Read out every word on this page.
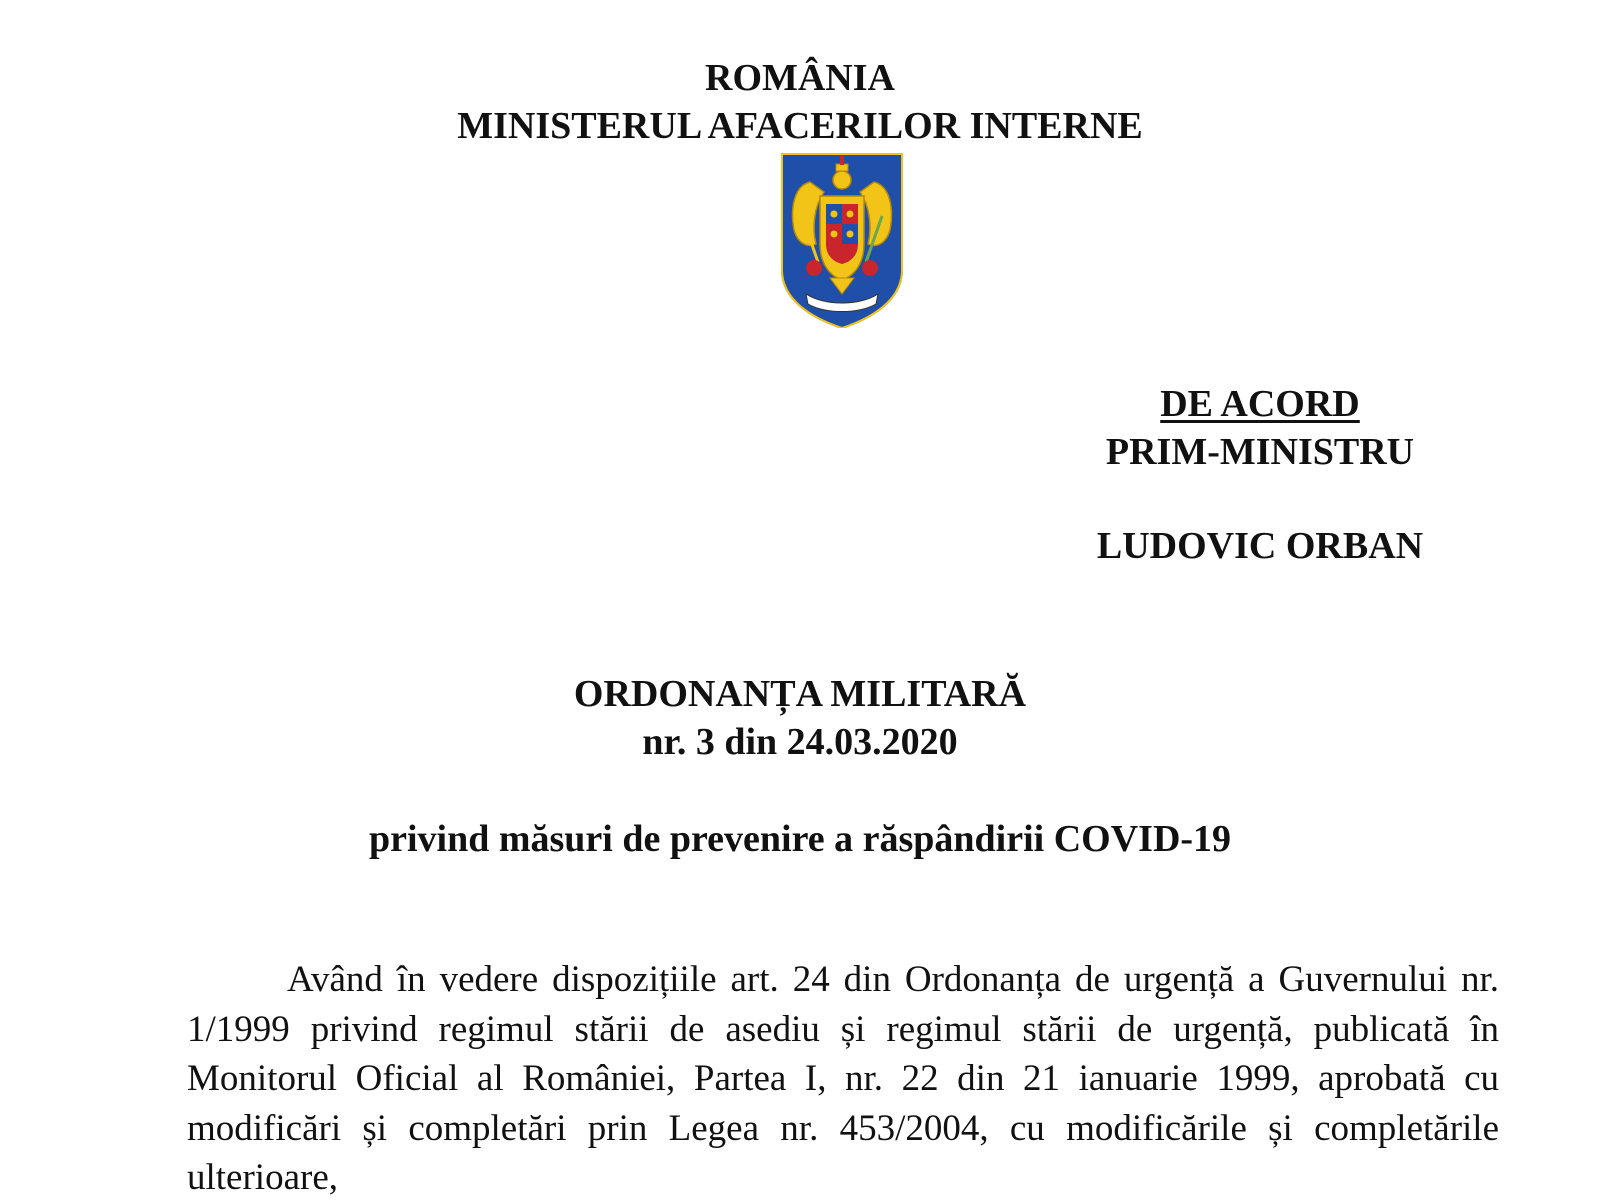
ROMÂNIA
MINISTERUL AFACERILOR INTERNE
DE ACORD
PRIM-MINISTRU
LUDOVIC ORBAN
ORDONANȚA MILITARĂ
nr. 3 din 24.03.2020
privind măsuri de prevenire a răspândirii COVID-19

Având în vedere dispozițiile art. 24 din Ordonanța de urgență a Guvernului nr. 1/1999 privind regimul stării de asediu și regimul stării de urgență, publicată în Monitorul Oficial al României, Partea I, nr. 22 din 21 ianuarie 1999, aprobată cu modificări și completări prin Legea nr. 453/2004, cu modificările și completările ulterioare,
